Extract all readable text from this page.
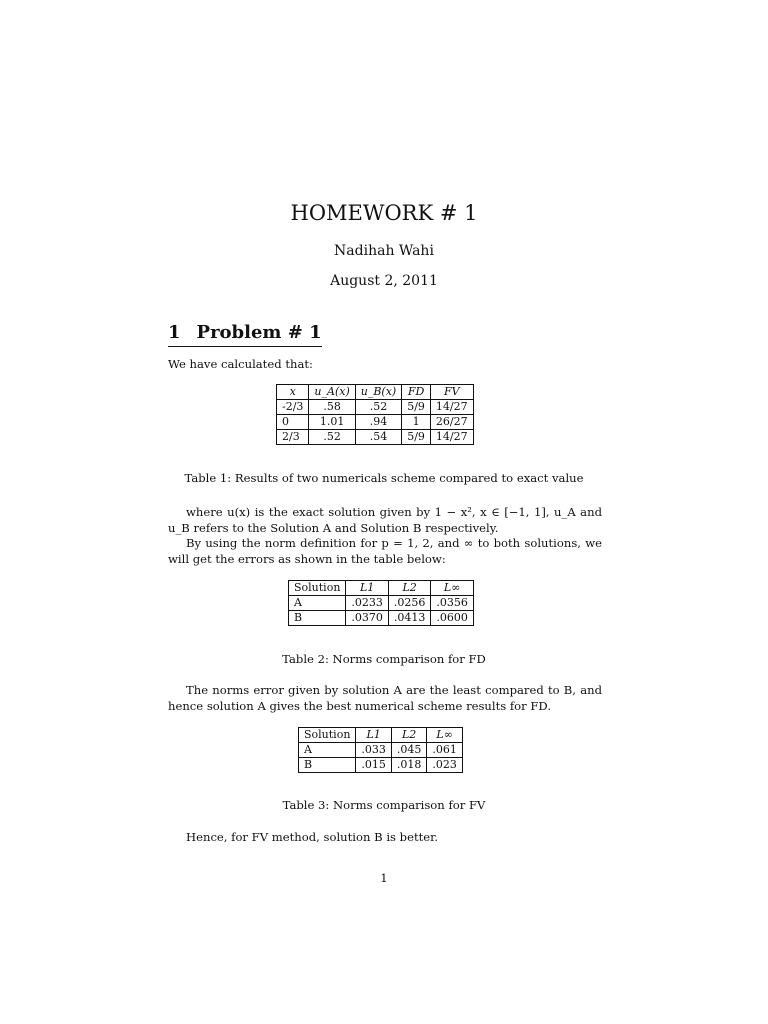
HOMEWORK # 1
Nadihah Wahi
August 2, 2011
1 Problem # 1
We have calculated that:
x	u_A(x)	u_B(x)	FD	FV
-2/3	.58	.52	5/9	14/27
0	1.01	.94	1	26/27
2/3	.52	.54	5/9	14/27
Table 1: Results of two numericals scheme compared to exact value
where u(x) is the exact solution given by 1 − x², x ∈ [−1, 1], u_A and u_B refers to the Solution A and Solution B respectively.
By using the norm definition for p = 1, 2, and ∞ to both solutions, we will get the errors as shown in the table below:
Solution	L1	L2	L∞
A	.0233	.0256	.0356
B	.0370	.0413	.0600
Table 2: Norms comparison for FD
The norms error given by solution A are the least compared to B, and hence solution A gives the best numerical scheme results for FD.
Solution	L1	L2	L∞
A	.033	.045	.061
B	.015	.018	.023
Table 3: Norms comparison for FV
Hence, for FV method, solution B is better.
1
